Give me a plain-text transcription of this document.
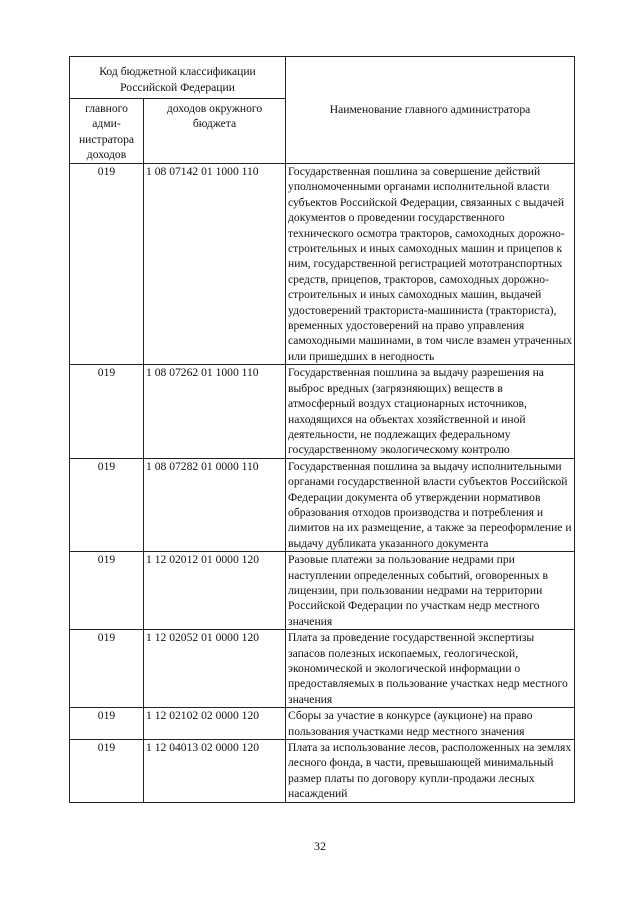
Код бюджетной классификации Российской Федерации		Наименование главного администратора
главного адми-нистратора доходов	доходов окружного бюджета	
019	1 08 07142 01 1000 110	Государственная пошлина за совершение действий уполномоченными органами исполнительной власти субъектов Российской Федерации, связанных с выдачей документов о проведении государственного технического осмотра тракторов, самоходных дорожно-строительных и иных самоходных машин и прицепов к ним, государственной регистрацией мототранспортных средств, прицепов, тракторов, самоходных дорожно-строительных и иных самоходных машин, выдачей удостоверений тракториста-машиниста (тракториста), временных удостоверений на право управления самоходными машинами, в том числе взамен утраченных или пришедших в негодность
019	1 08 07262 01 1000 110	Государственная пошлина за выдачу разрешения на выброс вредных (загрязняющих) веществ в атмосферный воздух стационарных источников, находящихся на объектах хозяйственной и иной деятельности, не подлежащих федеральному государственному экологическому контролю
019	1 08 07282 01 0000 110	Государственная пошлина за выдачу исполнительными органами государственной власти субъектов Российской Федерации документа об утверждении нормативов образования отходов производства и потребления и лимитов на их размещение, а также за переоформление и выдачу дубликата указанного документа
019	1 12 02012 01 0000 120	Разовые платежи за пользование недрами при наступлении определенных событий, оговоренных в лицензии, при пользовании недрами на территории Российской Федерации по участкам недр местного значения
019	1 12 02052 01 0000 120	Плата за проведение государственной экспертизы запасов полезных ископаемых, геологической, экономической и экологической информации о предоставляемых в пользование участках недр местного значения
019	1 12 02102 02 0000 120	Сборы за участие в конкурсе (аукционе) на право пользования участками недр местного значения
019	1 12 04013 02 0000 120	Плата за использование лесов, расположенных на землях лесного фонда, в части, превышающей минимальный размер платы по договору купли-продажи лесных насаждений
32
